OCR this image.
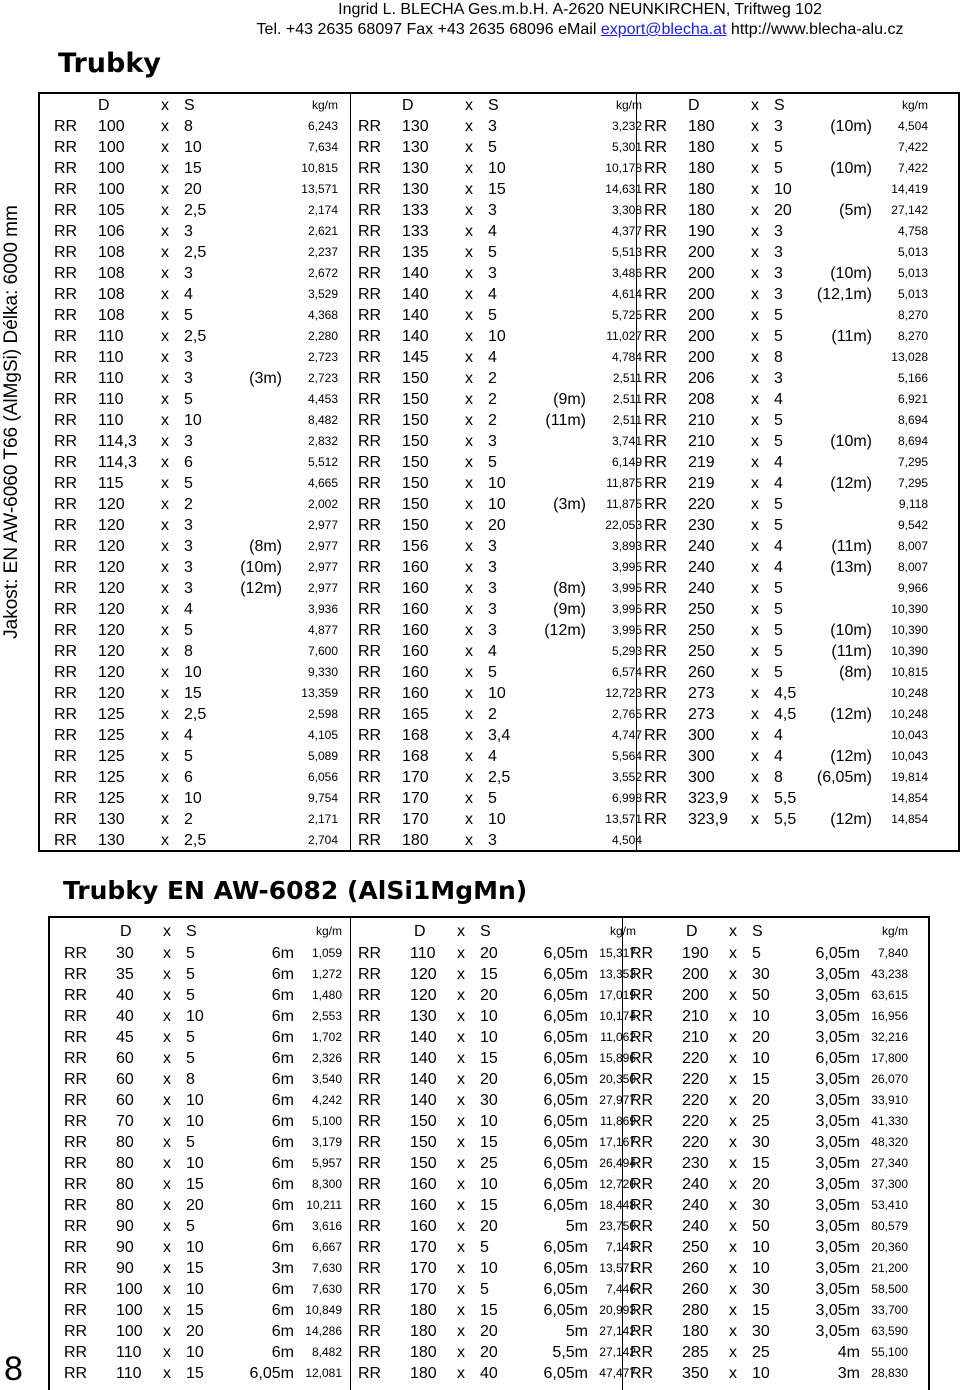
Ingrid L. BLECHA Ges.m.b.H. A-2620 NEUNKIRCHEN, Triftweg 102
Tel. +43 2635 68097 Fax +43 2635 68096 eMail export@blecha.at http://www.blecha-alu.cz
Trubky
Jakost: EN AW-6060 T66 (AlMgSi) Délka: 6000 mm
D	x S	kg/m
RR 100 x 8	6,243
RR 100 x 10	7,634
RR 100 x 15	10,815
RR 100 x 20	13,571
RR 105 x 2,5	2,174
RR 106 x 3	2,621
RR 108 x 2,5	2,237
RR 108 x 3	2,672
RR 108 x 4	3,529
RR 108 x 5	4,368
RR 110 x 2,5	2,280
RR 110 x 3	2,723
RR 110 x 3	(3m) 2,723
RR 110 x 5	4,453
RR 110 x 10	8,482
RR 114,3 x 3	2,832
RR 114,3 x 6	5,512
RR 115 x 5	4,665
RR 120 x 2	2,002
RR 120 x 3	2,977
RR 120 x 3	(8m) 2,977
RR 120 x 3	(10m) 2,977
RR 120 x 3	(12m) 2,977
RR 120 x 4	3,936
RR 120 x 5	4,877
RR 120 x 8	7,600
RR 120 x 10	9,330
RR 120 x 15	13,359
RR 125 x 2,5	2,598
RR 125 x 4	4,105
RR 125 x 5	5,089
RR 125 x 6	6,056
RR 125 x 10	9,754
RR 130 x 2	2,171
RR 130 x 2,5	2,704
D	x S	kg/m
RR 130 x 3	3,232
RR 130 x 5	5,301
RR 130 x 10	10,178
RR 130 x 15	14,631
RR 133 x 3	3,308
RR 133 x 4	4,377
RR 135 x 5	5,513
RR 140 x 3	3,486
RR 140 x 4	4,614
RR 140 x 5	5,725
RR 140 x 10	11,027
RR 145 x 4	4,784
RR 150 x 2	2,511
RR 150 x 2	(9m) 2,511
RR 150 x 2	(11m) 2,511
RR 150 x 3	3,741
RR 150 x 5	6,149
RR 150 x 10	11,875
RR 150 x 10	(3m) 11,875
RR 150 x 20	22,053
RR 156 x 3	3,893
RR 160 x 3	3,995
RR 160 x 3	(8m) 3,995
RR 160 x 3	(9m) 3,995
RR 160 x 3	(12m) 3,995
RR 160 x 4	5,293
RR 160 x 5	6,574
RR 160 x 10	12,723
RR 165 x 2	2,765
RR 168 x 3,4	4,747
RR 168 x 4	5,564
RR 170 x 2,5	3,552
RR 170 x 5	6,998
RR 170 x 10	13,571
RR 180 x 3	4,504
D	x S	kg/m
RR 180 x 3	(10m) 4,504
RR 180 x 5	7,422
RR 180 x 5	(10m) 7,422
RR 180 x 10	14,419
RR 180 x 20	(5m) 27,142
RR 190 x 3	4,758
RR 200 x 3	5,013
RR 200 x 3	(10m) 5,013
RR 200 x 3 (12,1m) 5,013
RR 200 x 5	8,270
RR 200 x 5	(11m) 8,270
RR 200 x 8	13,028
RR 206 x 3	5,166
RR 208 x 4	6,921
RR 210 x 5	8,694
RR 210 x 5	(10m) 8,694
RR 219 x 4	7,295
RR 219 x 4	(12m) 7,295
RR 220 x 5	9,118
RR 230 x 5	9,542
RR 240 x 4	(11m) 8,007
RR 240 x 4	(13m) 8,007
RR 240 x 5	9,966
RR 250 x 5	10,390
RR 250 x 5	(10m) 10,390
RR 250 x 5	(11m) 10,390
RR 260 x 5	(8m) 10,815
RR 273 x 4,5	10,248
RR 273 x 4,5 (12m) 10,248
RR 300 x 4	10,043
RR 300 x 4	(12m) 10,043
RR 300 x 8 (6,05m) 19,814
RR 323,9 x 5,5	14,854
RR 323,9 x 5,5 (12m) 14,854
Trubky EN AW-6082 (AlSi1MgMn)
D x S	kg/m
RR 30 x 5	6m 1,059
RR 35 x 5	6m 1,272
RR 40 x 5	6m 1,480
RR 40 x 10	6m 2,553
RR 45 x 5	6m 1,702
RR 60 x 5	6m 2,326
RR 60 x 8	6m 3,540
RR 60 x 10	6m 4,242
RR 70 x 10	6m 5,100
RR 80 x 5	6m 3,179
RR 80 x 10	6m 5,957
RR 80 x 15	6m 8,300
RR 80 x 20	6m 10,211
RR 90 x 5	6m 3,616
RR 90 x 10	6m 6,667
RR 90 x 15	3m 7,630
RR 100 x 10	6m 7,630
RR 100 x 15	6m 10,849
RR 100 x 20	6m 14,286
RR 110 x 10	6m 8,482
RR 110 x 15	6,05m 12,081
D x S	kg/m
RR 110 x 20	6,05m 15,317
RR 120 x 15	6,05m 13,353
RR 120 x 20	6,05m 17,019
RR 130 x 10	6,05m 10,174
RR 140 x 10	6,05m 11,062
RR 140 x 15	6,05m 15,896
RR 140 x 20	6,05m 20,350
RR 140 x 30	6,05m 27,977
RR 150 x 10	6,05m 11,869
RR 150 x 15	6,05m 17,167
RR 150 x 25	6,05m 26,494
RR 160 x 10	6,05m 12,720
RR 160 x 15	6,05m 18,448
RR 160 x 20	5m 23,750
RR 170 x 5	6,05m 7,143
RR 170 x 10	6,05m 13,571
RR 170 x 5	6,05m 7,446
RR 180 x 15	6,05m 20,993
RR 180 x 20	5m 27,142
RR 180 x 20	5,5m 27,142
RR 180 x 40	6,05m 47,477
D x S	kg/m
RR 190 x 5	6,05m 7,840
RR 200 x 30	3,05m 43,238
RR 200 x 50	3,05m 63,615
RR 210 x 10	3,05m 16,956
RR 210 x 20	3,05m 32,216
RR 220 x 10	6,05m 17,800
RR 220 x 15	3,05m 26,070
RR 220 x 20	3,05m 33,910
RR 220 x 25	3,05m 41,330
RR 220 x 30	3,05m 48,320
RR 230 x 15	3,05m 27,340
RR 240 x 20	3,05m 37,300
RR 240 x 30	3,05m 53,410
RR 240 x 50	3,05m 80,579
RR 250 x 10	3,05m 20,360
RR 260 x 10	3,05m 21,200
RR 260 x 30	3,05m 58,500
RR 280 x 15	3,05m 33,700
RR 180 x 30	3,05m 63,590
RR 285 x 25	4m 55,100
RR 350 x 10	3m 28,830
8
